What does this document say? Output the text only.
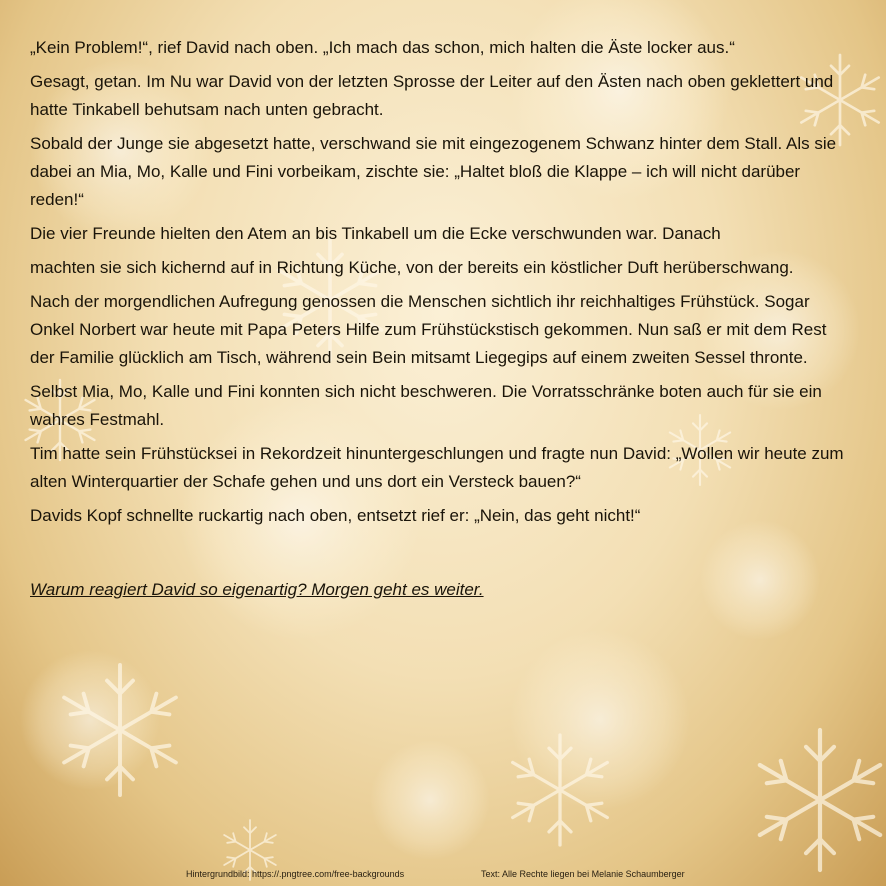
„Kein Problem!“, rief David nach oben. „Ich mach das schon, mich halten die Äste locker aus.“

Gesagt, getan. Im Nu war David von der letzten Sprosse der Leiter auf den Ästen nach oben geklettert und hatte Tinkabell behutsam nach unten gebracht.

Sobald der Junge sie abgesetzt hatte, verschwand sie mit eingezogenem Schwanz hinter dem Stall. Als sie dabei an Mia, Mo, Kalle und Fini vorbeikam, zischte sie: „Haltet bloß die Klappe – ich will nicht darüber reden!“

Die vier Freunde hielten den Atem an bis Tinkabell um die Ecke verschwunden war. Danach

machten sie sich kichernd auf in Richtung Küche, von der bereits ein köstlicher Duft herüberschwang.

Nach der morgendlichen Aufregung genossen die Menschen sichtlich ihr reichhaltiges Frühstück. Sogar Onkel Norbert war heute mit Papa Peters Hilfe zum Frühstückstisch gekommen. Nun saß er mit dem Rest der Familie glücklich am Tisch, während sein Bein mitsamt Liegegips auf einem zweiten Sessel thronte.

Selbst Mia, Mo, Kalle und Fini konnten sich nicht beschweren. Die Vorratsschränke boten auch für sie ein wahres Festmahl.

Tim hatte sein Frühstücksei in Rekordzeit hinuntergeschlungen und fragte nun David: „Wollen wir heute zum alten Winterquartier der Schafe gehen und uns dort ein Versteck bauen?“

Davids Kopf schnellte ruckartig nach oben, entsetzt rief er: „Nein, das geht nicht!“

Warum reagiert David so eigenartig? Morgen geht es weiter.

Hintergrundbild: https://.pngtree.com/free-backgrounds	Text: Alle Rechte liegen bei Melanie Schaumberger
